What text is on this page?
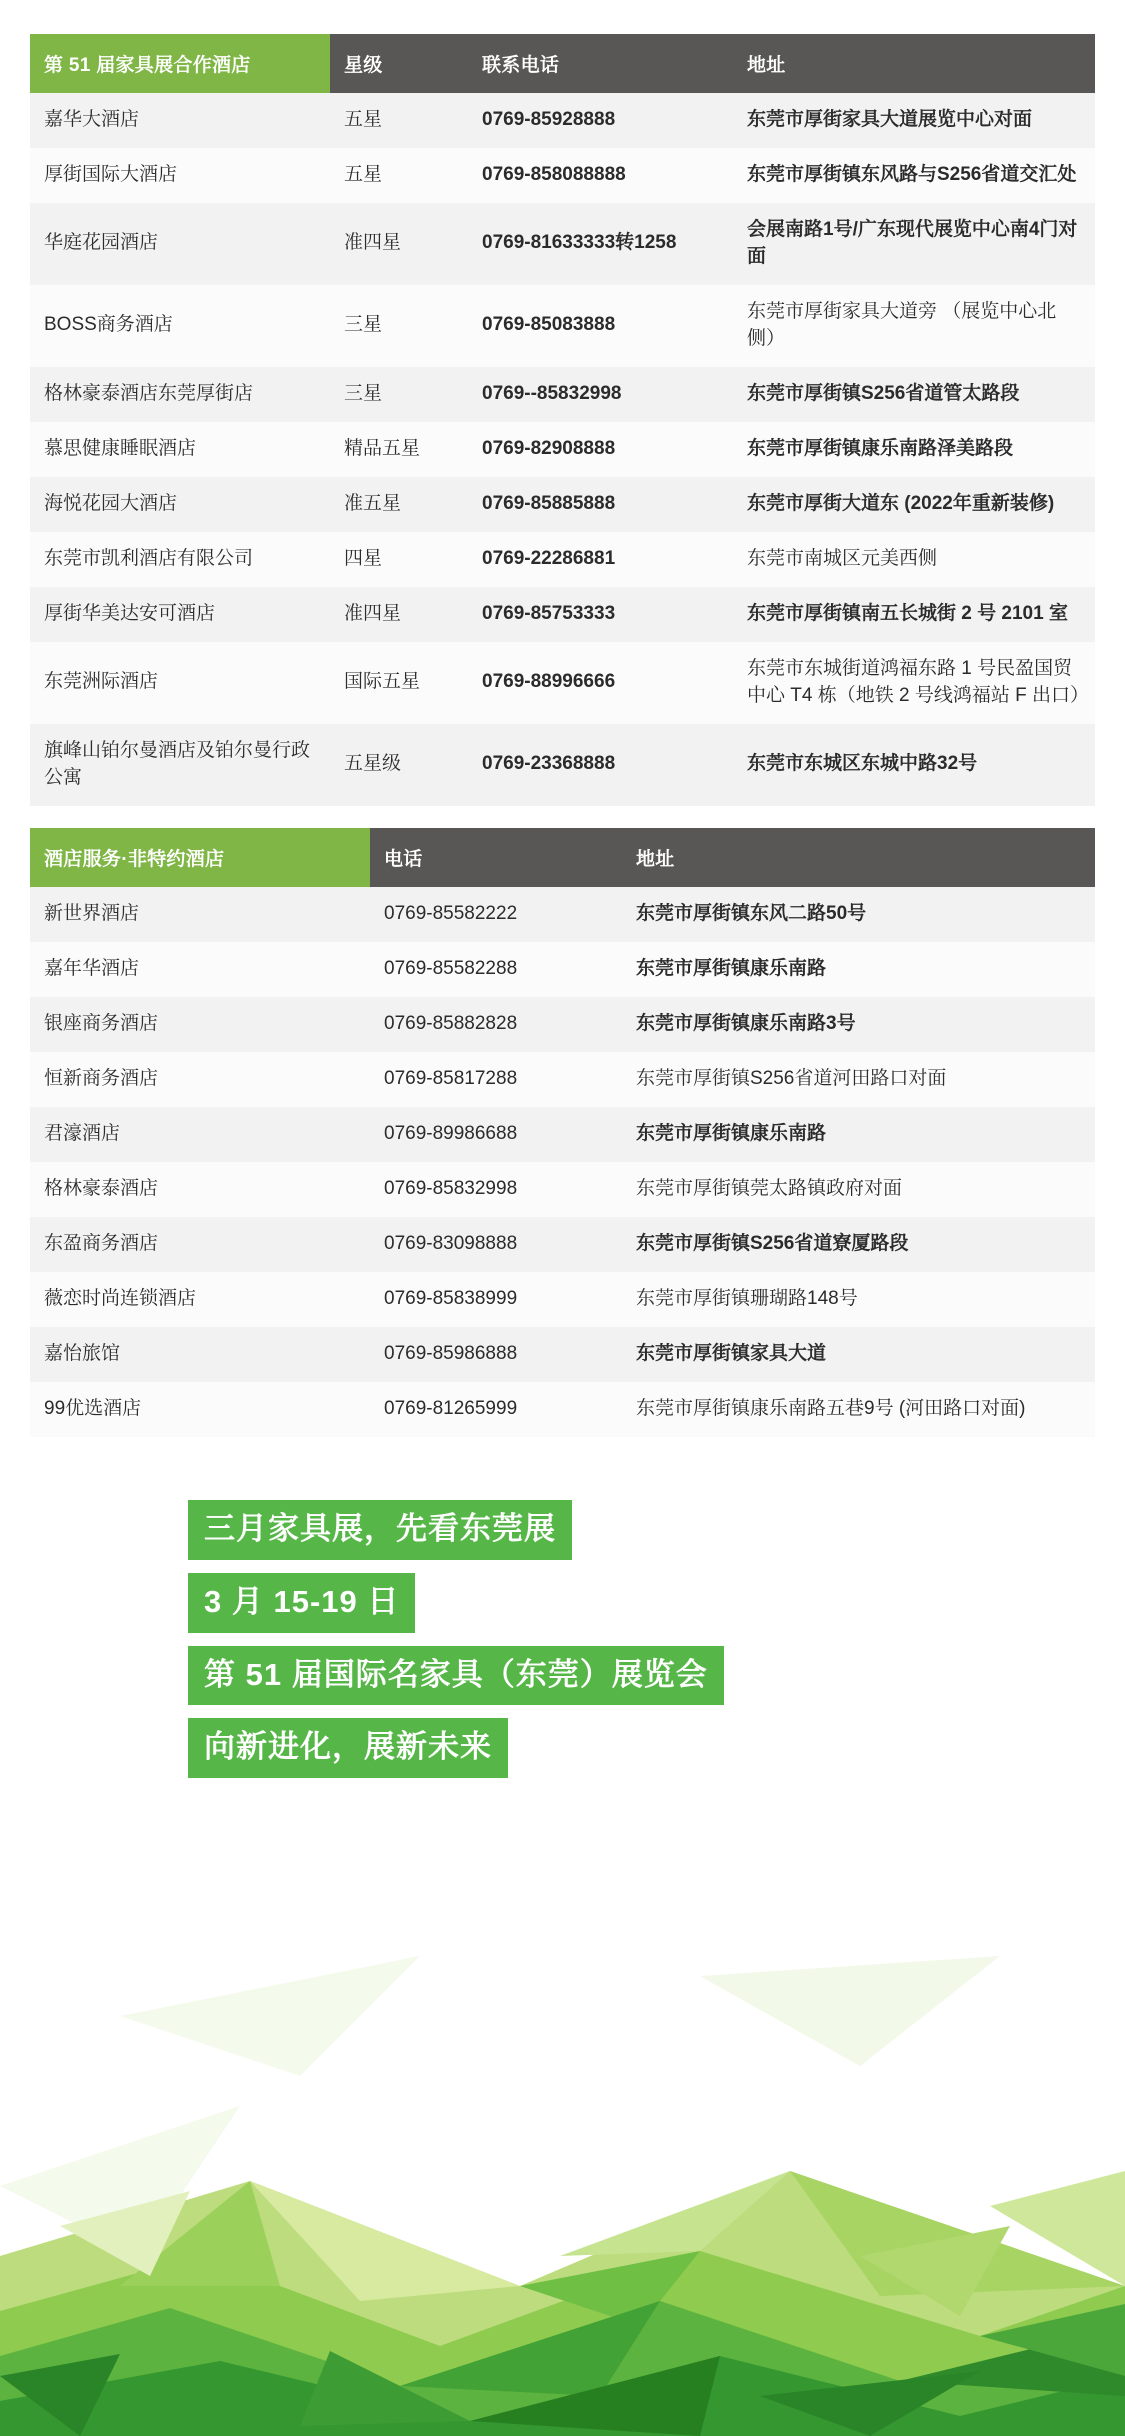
第 51 届家具展合作酒店	星级	联系电话	地址
嘉华大酒店	五星	0769-85928888	东莞市厚街家具大道展览中心对面
厚街国际大酒店	五星	0769-858088888	东莞市厚街镇东风路与S256省道交汇处
华庭花园酒店	准四星	0769-81633333转1258	会展南路1号/广东现代展览中心南4门对面
BOSS商务酒店	三星	0769-85083888	东莞市厚街家具大道旁 （展览中心北侧）
格林豪泰酒店东莞厚街店	三星	0769--85832998	东莞市厚街镇S256省道管太路段
慕思健康睡眠酒店	精品五星	0769-82908888	东莞市厚街镇康乐南路泽美路段
海悦花园大酒店	准五星	0769-85885888	东莞市厚街大道东 (2022年重新装修)
东莞市凯利酒店有限公司	四星	0769-22286881	东莞市南城区元美西侧
厚街华美达安可酒店	准四星	0769-85753333	东莞市厚街镇南五长城街 2 号 2101 室
东莞洲际酒店	国际五星	0769-88996666	东莞市东城街道鸿福东路 1 号民盈国贸中心 T4 栋（地铁 2 号线鸿福站 F 出口）
旗峰山铂尔曼酒店及铂尔曼行政公寓	五星级	0769-23368888	东莞市东城区东城中路32号
酒店服务·非特约酒店	电话	地址
新世界酒店	0769-85582222	东莞市厚街镇东风二路50号
嘉年华酒店	0769-85582288	东莞市厚街镇康乐南路
银座商务酒店	0769-85882828	东莞市厚街镇康乐南路3号
恒新商务酒店	0769-85817288	东莞市厚街镇S256省道河田路口对面
君濠酒店	0769-89986688	东莞市厚街镇康乐南路
格林豪泰酒店	0769-85832998	东莞市厚街镇莞太路镇政府对面
东盈商务酒店	0769-83098888	东莞市厚街镇S256省道寮厦路段
薇恋时尚连锁酒店	0769-85838999	东莞市厚街镇珊瑚路148号
嘉怡旅馆	0769-85986888	东莞市厚街镇家具大道
99优选酒店	0769-81265999	东莞市厚街镇康乐南路五巷9号 (河田路口对面)
三月家具展，先看东莞展
3 月 15-19 日
第 51 届国际名家具（东莞）展览会
向新进化，展新未来
